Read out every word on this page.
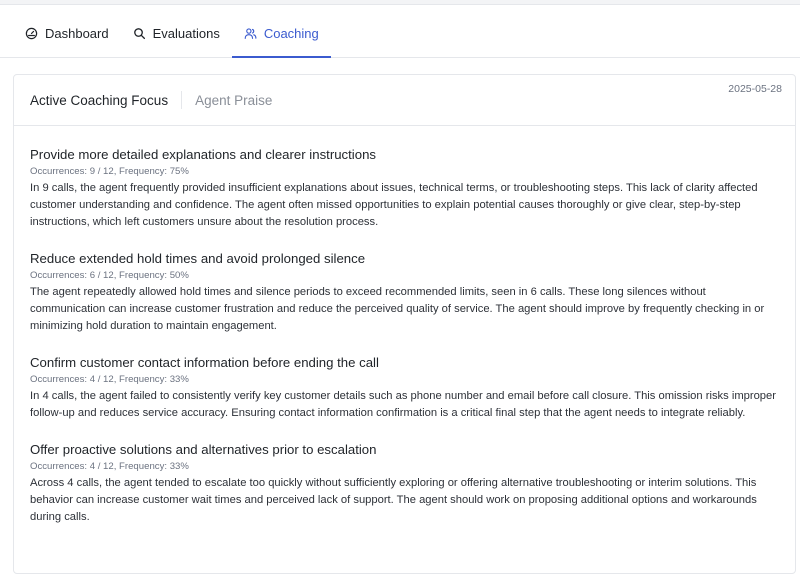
Dashboard	Evaluations	Coaching
Active Coaching Focus Agent Praise
2025-05-28
Provide more detailed explanations and clearer instructions
Occurrences: 9 / 12, Frequency: 75%
In 9 calls, the agent frequently provided insufficient explanations about issues, technical terms, or troubleshooting steps. This lack of clarity affected customer understanding and confidence. The agent often missed opportunities to explain potential causes thoroughly or give clear, step-by-step instructions, which left customers unsure about the resolution process.
Reduce extended hold times and avoid prolonged silence
Occurrences: 6 / 12, Frequency: 50%
The agent repeatedly allowed hold times and silence periods to exceed recommended limits, seen in 6 calls. These long silences without communication can increase customer frustration and reduce the perceived quality of service. The agent should improve by frequently checking in or minimizing hold duration to maintain engagement.
Confirm customer contact information before ending the call
Occurrences: 4 / 12, Frequency: 33%
In 4 calls, the agent failed to consistently verify key customer details such as phone number and email before call closure. This omission risks improper follow-up and reduces service accuracy. Ensuring contact information confirmation is a critical final step that the agent needs to integrate reliably.
Offer proactive solutions and alternatives prior to escalation
Occurrences: 4 / 12, Frequency: 33%
Across 4 calls, the agent tended to escalate too quickly without sufficiently exploring or offering alternative troubleshooting or interim solutions. This behavior can increase customer wait times and perceived lack of support. The agent should work on proposing additional options and workarounds during calls.
